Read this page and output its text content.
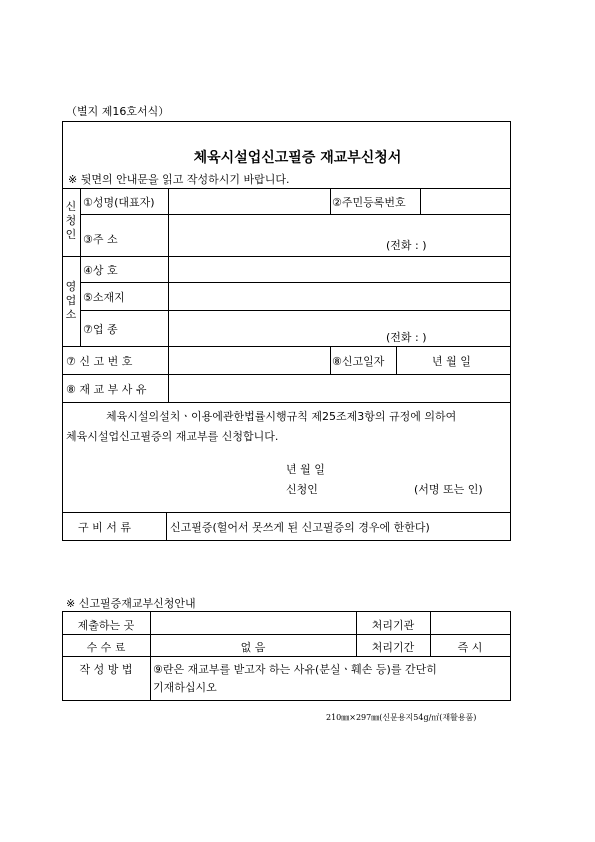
（별지 제16호서식）
체육시설업신고필증 재교부신청서
※ 뒷면의 안내문을 읽고 작성하시기 바랍니다.
신청인
①성명(대표자)	②주민등록번호
③주 소	(전화 : )
영업소
④상 호
⑤소재지
⑦업 종
(전화 : )
⑦ 신 고 번 호	⑧신고일자	년 월 일
⑧ 재 교 부 사 유
체육시설의설치ㆍ이용에관한법률시행규칙 제25조제3항의 규정에 의하여
체육시설업신고필증의 재교부를 신청합니다.
년 월 일
신청인	(서명 또는 인)
구 비 서 류	신고필증(헐어서 못쓰게 된 신고필증의 경우에 한한다)
※ 신고필증재교부신청안내
제출하는 곳	처리기관
수 수 료	없 음	처리기간	즉 시
작 성 방 법	⑨란은 재교부를 받고자 하는 사유(분실ㆍ훼손 등)를 간단히
기재하십시오
210㎜×297㎜(신문용지54g/㎡(재활용품)
